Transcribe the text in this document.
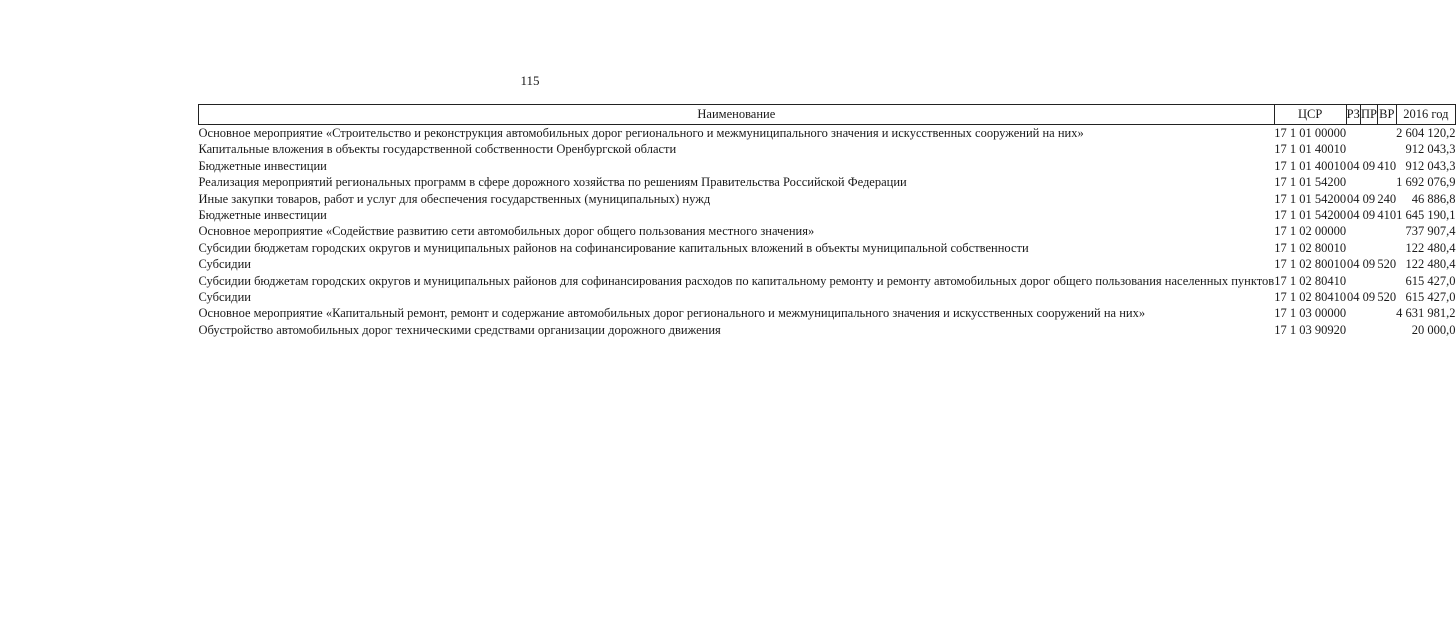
115
Наименование	ЦСР	РЗ	ПР	ВР	2016 год
Основное мероприятие «Строительство и реконструкция автомобильных дорог регионального и межмуниципального значения и искусственных сооружений на них»	17 1 01 00000				2 604 120,2
Капитальные вложения в объекты государственной собственности Оренбургской области	17 1 01 40010				912 043,3
Бюджетные инвестиции	17 1 01 40010	04	09	410	912 043,3
Реализация мероприятий региональных программ в сфере дорожного хозяйства по решениям Правительства Российской Федерации	17 1 01 54200				1 692 076,9
Иные закупки товаров, работ и услуг для обеспечения государственных (муниципальных) нужд	17 1 01 54200	04	09	240	46 886,8
Бюджетные инвестиции	17 1 01 54200	04	09	410	1 645 190,1
Основное мероприятие «Содействие развитию сети автомобильных дорог общего пользования местного значения»	17 1 02 00000				737 907,4
Субсидии бюджетам городских округов и муниципальных районов на софинансирование капитальных вложений в объекты муниципальной собственности	17 1 02 80010				122 480,4
Субсидии	17 1 02 80010	04	09	520	122 480,4
Субсидии бюджетам городских округов и муниципальных районов для софинансирования расходов по капитальному ремонту и ремонту автомобильных дорог общего пользования населенных пунктов	17 1 02 80410				615 427,0
Субсидии	17 1 02 80410	04	09	520	615 427,0
Основное мероприятие «Капитальный ремонт, ремонт и содержание автомобильных дорог регионального и межмуниципального значения и искусственных сооружений на них»	17 1 03 00000				4 631 981,2
Обустройство автомобильных дорог техническими средствами организации дорожного движения	17 1 03 90920				20 000,0
